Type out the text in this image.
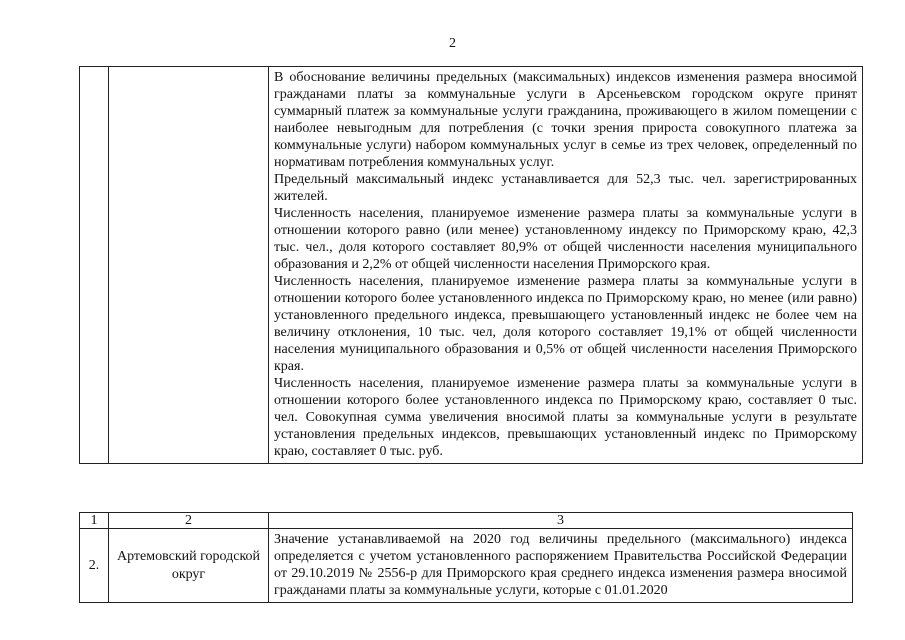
2

В обоснование величины предельных (максимальных) индексов изменения размера вносимой гражданами платы за коммунальные услуги в Арсеньевском городском округе принят суммарный платеж за коммунальные услуги гражданина, проживающего в жилом помещении с наиболее невыгодным для потребления (с точки зрения прироста совокупного платежа за коммунальные услуги) набором коммунальных услуг в семье из трех человек, определенный по нормативам потребления коммунальных услуг.

Предельный максимальный индекс устанавливается для 52,3 тыс. чел. зарегистрированных жителей.

Численность населения, планируемое изменение размера платы за коммунальные услуги в отношении которого равно (или менее) установленному индексу по Приморскому краю, 42,3 тыс. чел., доля которого составляет 80,9% от общей численности населения муниципального образования и 2,2% от общей численности населения Приморского края.

Численность населения, планируемое изменение размера платы за коммунальные услуги в отношении которого более установленного индекса по Приморскому краю, но менее (или равно) установленного предельного индекса, превышающего установленный индекс не более чем на величину отклонения, 10 тыс. чел, доля которого составляет 19,1% от общей численности населения муниципального образования и 0,5% от общей численности населения Приморского края.

Численность населения, планируемое изменение размера платы за коммунальные услуги в отношении которого более установленного индекса по Приморскому краю, составляет 0 тыс. чел. Совокупная сумма увеличения вносимой платы за коммунальные услуги в результате установления предельных индексов, превышающих установленный индекс по Приморскому краю, составляет 0 тыс. руб.

1	2	3
2.	Артемовский городской округ	Значение устанавливаемой на 2020 год величины предельного (максимального) индекса определяется с учетом установленного распоряжением Правительства Российской Федерации от 29.10.2019 № 2556-р для Приморского края среднего индекса изменения размера вносимой гражданами платы за коммунальные услуги, которые с 01.01.2020
